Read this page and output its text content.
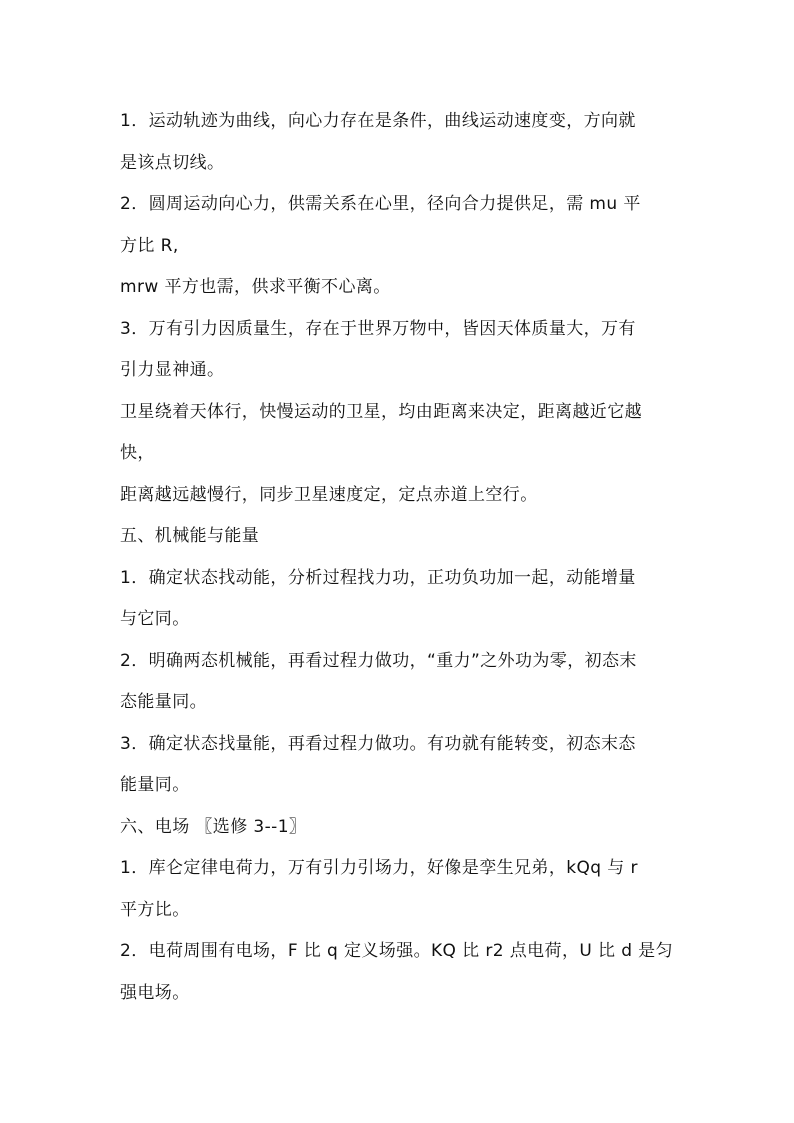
1．运动轨迹为曲线，向心力存在是条件，曲线运动速度变，方向就
是该点切线。
2．圆周运动向心力，供需关系在心里，径向合力提供足，需 mu 平
方比 R,
mrw 平方也需，供求平衡不心离。
3．万有引力因质量生，存在于世界万物中，皆因天体质量大，万有
引力显神通。
卫星绕着天体行，快慢运动的卫星，均由距离来决定，距离越近它越
快，
距离越远越慢行，同步卫星速度定，定点赤道上空行。
五、机械能与能量
1．确定状态找动能，分析过程找力功，正功负功加一起，动能增量
与它同。
2．明确两态机械能，再看过程力做功，“重力”之外功为零，初态末
态能量同。
3．确定状态找量能，再看过程力做功。有功就有能转变，初态末态
能量同。
六、电场 〖选修 3--1〗
1．库仑定律电荷力，万有引力引场力，好像是孪生兄弟，kQq 与 r
平方比。
2．电荷周围有电场，F 比 q 定义场强。KQ 比 r2 点电荷，U 比 d 是匀
强电场。
